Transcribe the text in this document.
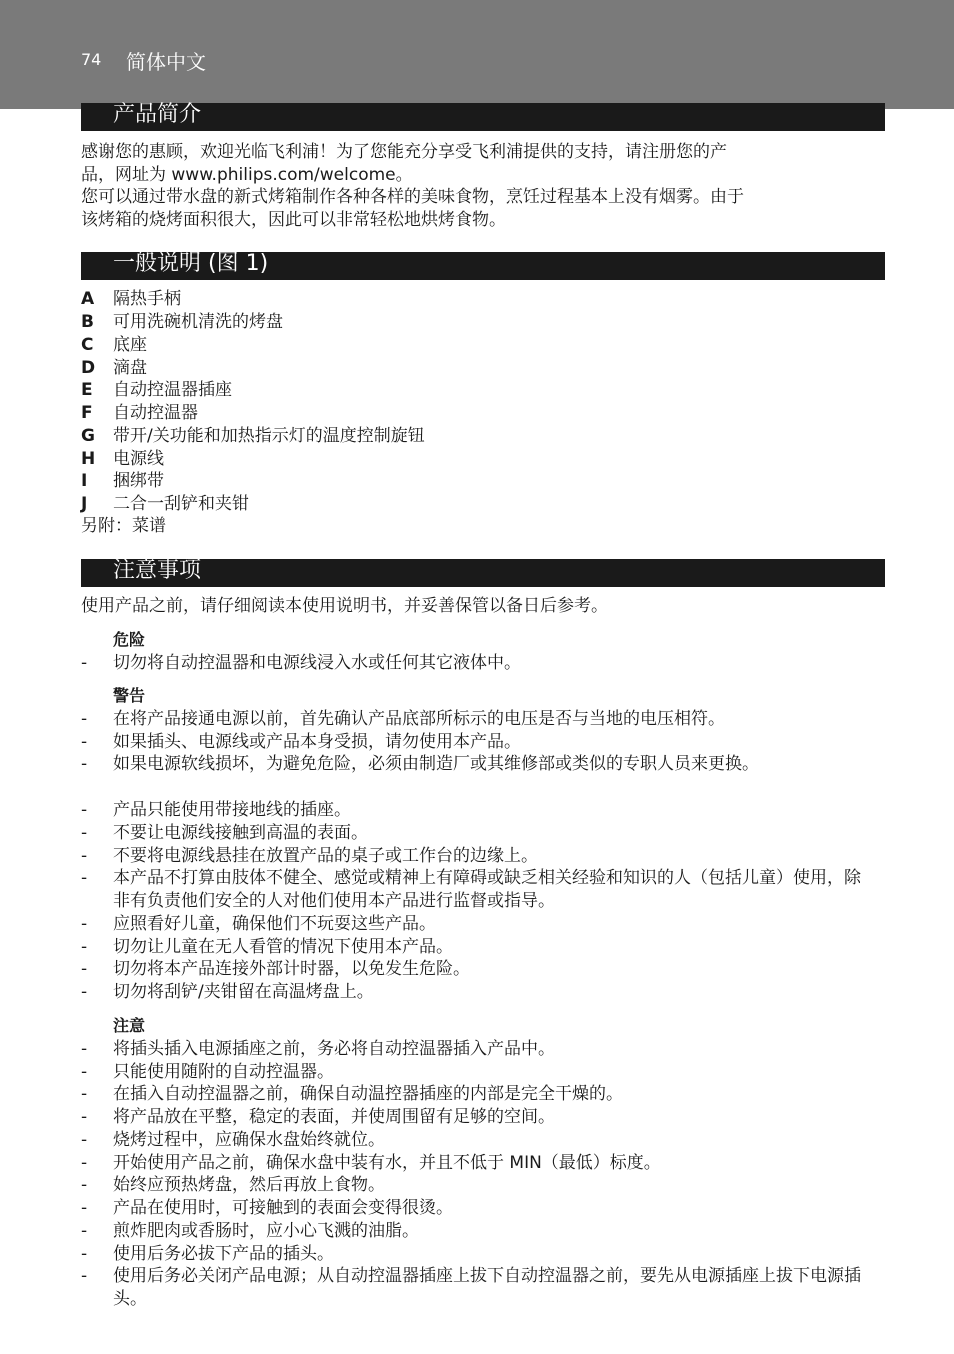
74 简体中文
产品简介
感谢您的惠顾，欢迎光临飞利浦！为了您能充分享受飞利浦提供的支持，请注册您的产
品，网址为 www.philips.com/welcome。
您可以通过带水盘的新式烤箱制作各种各样的美味食物，烹饪过程基本上没有烟雾。由于
该烤箱的烧烤面积很大，因此可以非常轻松地烘烤食物。
一般说明 (图 1)
A	隔热手柄
B	可用洗碗机清洗的烤盘
C	底座
D	滴盘
E	自动控温器插座
F	自动控温器
G	带开/关功能和加热指示灯的温度控制旋钮
H	电源线
I	捆绑带
J	二合一刮铲和夹钳
另附：菜谱
注意事项
使用产品之前，请仔细阅读本使用说明书，并妥善保管以备日后参考。
危险
- 切勿将自动控温器和电源线浸入水或任何其它液体中。
警告
- 在将产品接通电源以前，首先确认产品底部所标示的电压是否与当地的电压相符。
- 如果插头、电源线或产品本身受损，请勿使用本产品。
- 如果电源软线损坏，为避免危险，必须由制造厂或其维修部或类似的专职人员来更换。
- 产品只能使用带接地线的插座。
- 不要让电源线接触到高温的表面。
- 不要将电源线悬挂在放置产品的桌子或工作台的边缘上。
- 本产品不打算由肢体不健全、感觉或精神上有障碍或缺乏相关经验和知识的人（包括儿童）使用，除非有负责他们安全的人对他们使用本产品进行监督或指导。
- 应照看好儿童，确保他们不玩耍这些产品。
- 切勿让儿童在无人看管的情况下使用本产品。
- 切勿将本产品连接外部计时器，以免发生危险。
- 切勿将刮铲/夹钳留在高温烤盘上。
注意
- 将插头插入电源插座之前，务必将自动控温器插入产品中。
- 只能使用随附的自动控温器。
- 在插入自动控温器之前，确保自动温控器插座的内部是完全干燥的。
- 将产品放在平整，稳定的表面，并使周围留有足够的空间。
- 烧烤过程中，应确保水盘始终就位。
- 开始使用产品之前，确保水盘中装有水，并且不低于 MIN（最低）标度。
- 始终应预热烤盘，然后再放上食物。
- 产品在使用时，可接触到的表面会变得很烫。
- 煎炸肥肉或香肠时，应小心飞溅的油脂。
- 使用后务必拔下产品的插头。
- 使用后务必关闭产品电源；从自动控温器插座上拔下自动控温器之前，要先从电源插座上拔下电源插头。
